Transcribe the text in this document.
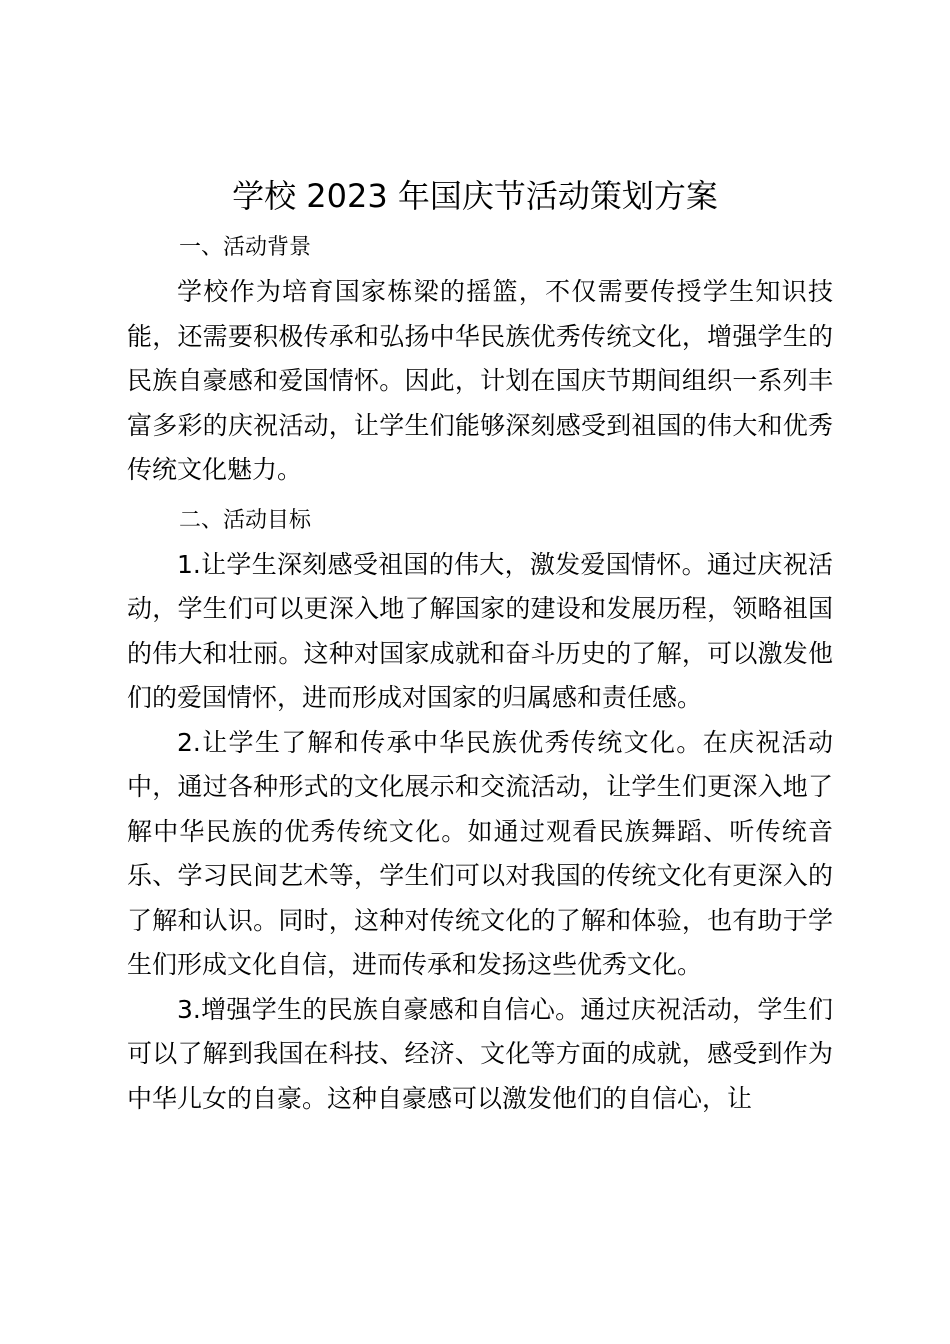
学校 2023 年国庆节活动策划方案

一、活动背景

学校作为培育国家栋梁的摇篮，不仅需要传授学生知识技能，还需要积极传承和弘扬中华民族优秀传统文化，增强学生的民族自豪感和爱国情怀。因此，计划在国庆节期间组织一系列丰富多彩的庆祝活动，让学生们能够深刻感受到祖国的伟大和优秀传统文化魅力。

二、活动目标

1.让学生深刻感受祖国的伟大，激发爱国情怀。通过庆祝活动，学生们可以更深入地了解国家的建设和发展历程，领略祖国的伟大和壮丽。这种对国家成就和奋斗历史的了解，可以激发他们的爱国情怀，进而形成对国家的归属感和责任感。

2.让学生了解和传承中华民族优秀传统文化。在庆祝活动中，通过各种形式的文化展示和交流活动，让学生们更深入地了解中华民族的优秀传统文化。如通过观看民族舞蹈、听传统音乐、学习民间艺术等，学生们可以对我国的传统文化有更深入的了解和认识。同时，这种对传统文化的了解和体验，也有助于学生们形成文化自信，进而传承和发扬这些优秀文化。

3.增强学生的民族自豪感和自信心。通过庆祝活动，学生们可以了解到我国在科技、经济、文化等方面的成就，感受到作为中华儿女的自豪。这种自豪感可以激发他们的自信心，让
